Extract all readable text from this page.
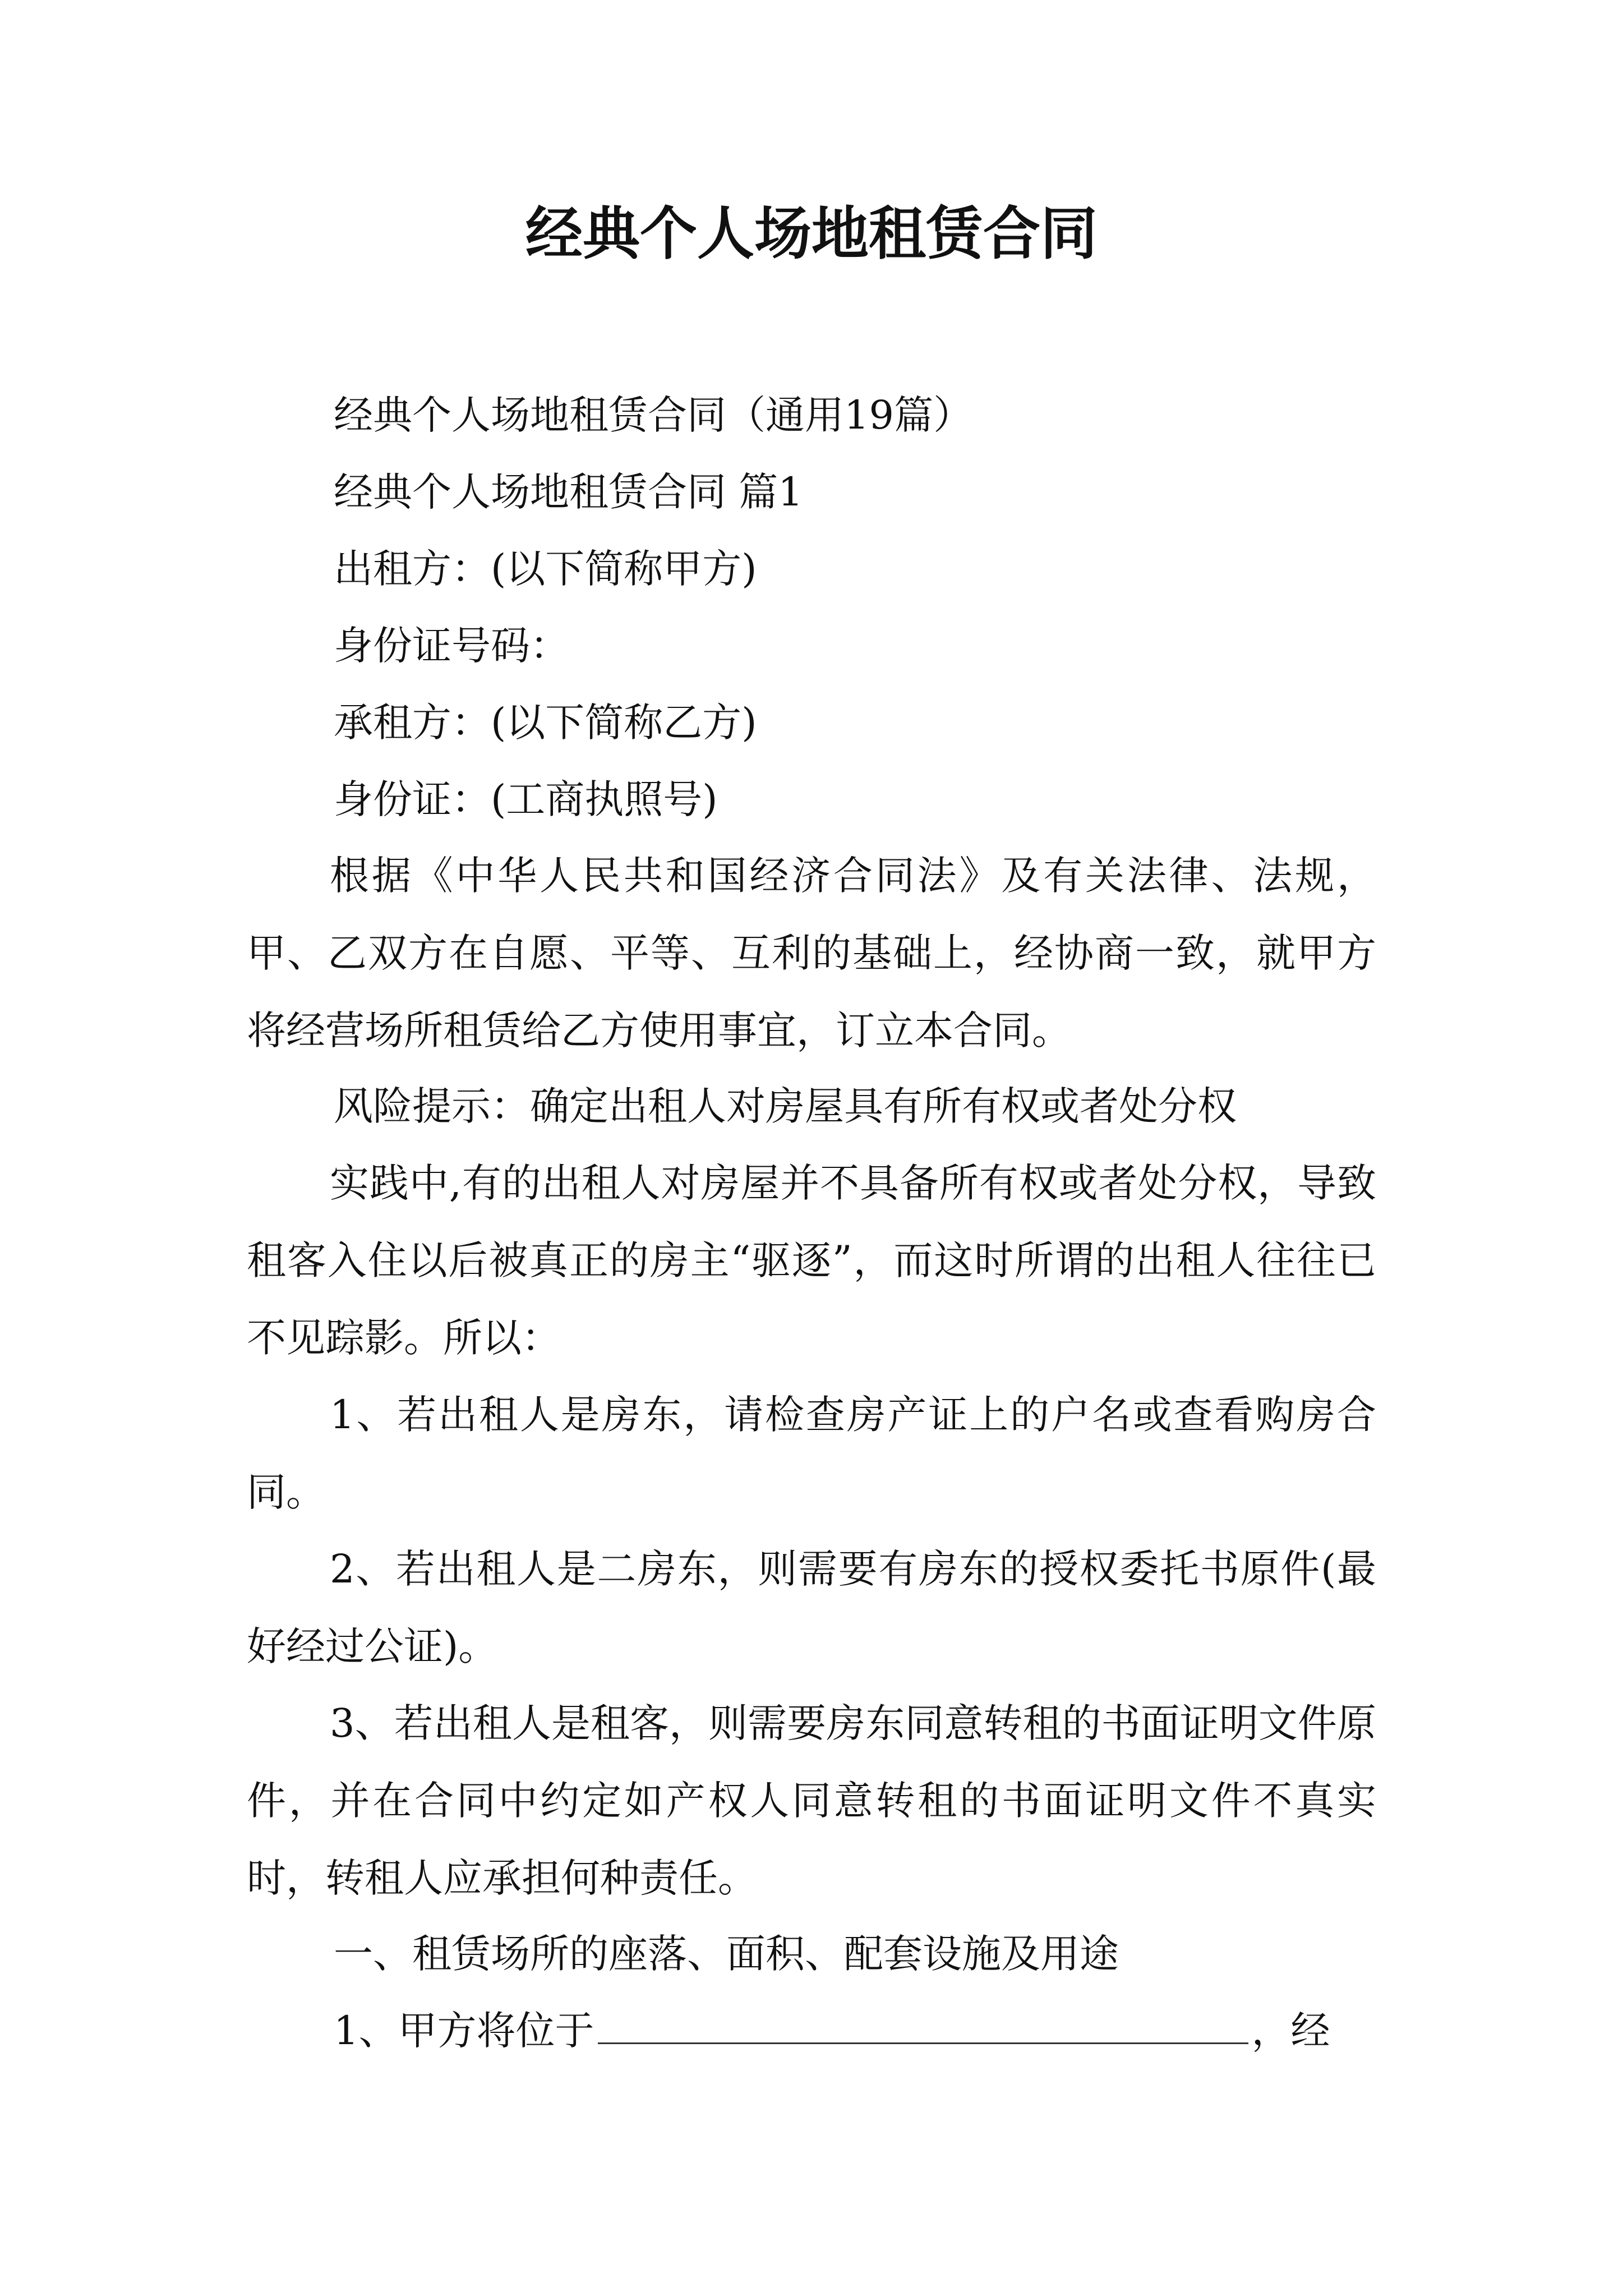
经典个人场地租赁合同

经典个人场地租赁合同（通用19篇）

经典个人场地租赁合同 篇1

出租方：(以下简称甲方)

身份证号码：

承租方：(以下简称乙方)

身份证：(工商执照号)

根据《中华人民共和国经济合同法》及有关法律、法规，甲、乙双方在自愿、平等、互利的基础上，经协商一致，就甲方将经营场所租赁给乙方使用事宜，订立本合同。

风险提示：确定出租人对房屋具有所有权或者处分权

实践中,有的出租人对房屋并不具备所有权或者处分权，导致租客入住以后被真正的房主“驱逐”，而这时所谓的出租人往往已不见踪影。所以：

1、若出租人是房东，请检查房产证上的户名或查看购房合同。

2、若出租人是二房东，则需要有房东的授权委托书原件(最好经过公证)。

3、若出租人是租客，则需要房东同意转租的书面证明文件原件，并在合同中约定如产权人同意转租的书面证明文件不真实时，转租人应承担何种责任。

一、租赁场所的座落、面积、配套设施及用途

1、甲方将位于	，经
